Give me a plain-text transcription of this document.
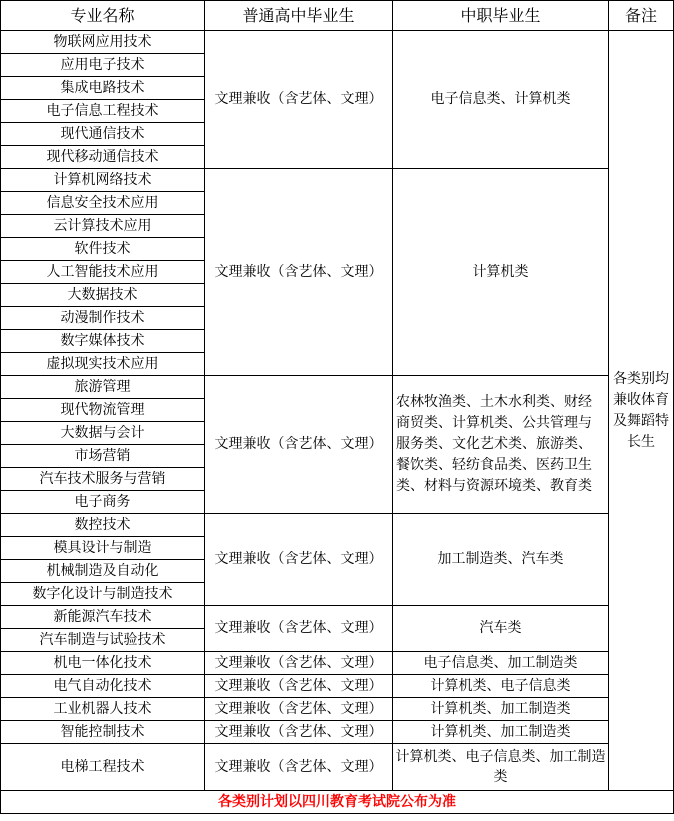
专业名称	普通高中毕业生	中职毕业生	备注
物联网应用技术	文理兼收（含艺体、文理）	电子信息类、计算机类	各类别均兼收体育及舞蹈特长生
应用电子技术			
集成电路技术			
电子信息工程技术			
现代通信技术			
现代移动通信技术			
计算机网络技术	文理兼收（含艺体、文理）	计算机类	
信息安全技术应用			
云计算技术应用			
软件技术			
人工智能技术应用			
大数据技术			
动漫制作技术			
数字媒体技术			
虚拟现实技术应用			
旅游管理	文理兼收（含艺体、文理）	农林牧渔类、土木水利类、财经商贸类、计算机类、公共管理与服务类、文化艺术类、旅游类、餐饮类、轻纺食品类、医药卫生类、材料与资源环境类、教育类	
现代物流管理			
大数据与会计			
市场营销			
汽车技术服务与营销			
电子商务			
数控技术	文理兼收（含艺体、文理）	加工制造类、汽车类	
模具设计与制造			
机械制造及自动化			
数字化设计与制造技术			
新能源汽车技术	文理兼收（含艺体、文理）	汽车类	
汽车制造与试验技术			
机电一体化技术	文理兼收（含艺体、文理）	电子信息类、加工制造类	
电气自动化技术	文理兼收（含艺体、文理）	计算机类、电子信息类	
工业机器人技术	文理兼收（含艺体、文理）	计算机类、加工制造类	
智能控制技术	文理兼收（含艺体、文理）	计算机类、加工制造类	
电梯工程技术	文理兼收（含艺体、文理）	计算机类、电子信息类、加工制造类	
各类别计划以四川教育考试院公布为准			
